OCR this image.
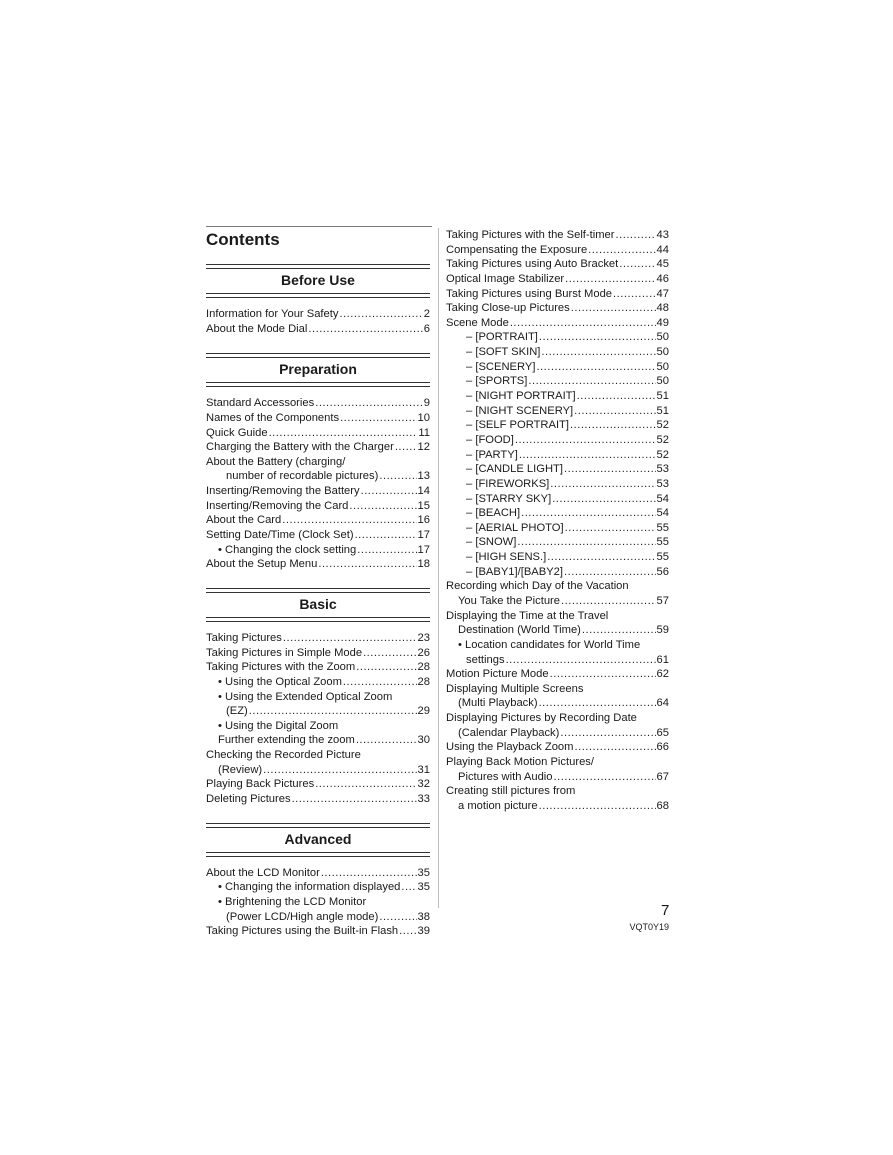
Contents
Before Use
Information for Your Safety .....	2
About the Mode Dial .....	6
Preparation
Standard Accessories .....	9
Names of the Components .....	10
Quick Guide .....	11
Charging the Battery with the Charger ..... 12
About the Battery (charging/
number of recordable pictures) .....	13
Inserting/Removing the Battery .....	14
Inserting/Removing the Card .....	15
About the Card .....	16
Setting Date/Time (Clock Set) .....	17
• Changing the clock setting .....	17
About the Setup Menu .....	18
Basic
Taking Pictures .....	23
Taking Pictures in Simple Mode .....	26
Taking Pictures with the Zoom .....	28
• Using the Optical Zoom .....	28
• Using the Extended Optical Zoom
(EZ) .....	29
• Using the Digital Zoom
Further extending the zoom .....	30
Checking the Recorded Picture
(Review) .....	31
Playing Back Pictures .....	32
Deleting Pictures .....	33
Advanced
About the LCD Monitor .....	35
• Changing the information displayed ..... 35
• Brightening the LCD Monitor
(Power LCD/High angle mode) .....	38
Taking Pictures using the Built-in Flash ..... 39
Taking Pictures with the Self-timer .....	43
Compensating the Exposure .....	44
Taking Pictures using Auto Bracket .....	45
Optical Image Stabilizer .....	46
Taking Pictures using Burst Mode .....	47
Taking Close-up Pictures .....	48
Scene Mode .....	49
– [PORTRAIT] .....	50
– [SOFT SKIN] .....	50
– [SCENERY] .....	50
– [SPORTS] .....	50
– [NIGHT PORTRAIT] .....	51
– [NIGHT SCENERY] .....	51
– [SELF PORTRAIT] .....	52
– [FOOD] .....	52
– [PARTY] .....	52
– [CANDLE LIGHT] .....	53
– [FIREWORKS] .....	53
– [STARRY SKY] .....	54
– [BEACH] .....	54
– [AERIAL PHOTO] .....	55
– [SNOW] .....	55
– [HIGH SENS.] .....	55
– [BABY1]/[BABY2] .....	56
Recording which Day of the Vacation
You Take the Picture .....	57
Displaying the Time at the Travel
Destination (World Time) .....	59
• Location candidates for World Time
settings .....	61
Motion Picture Mode .....	62
Displaying Multiple Screens
(Multi Playback) .....	64
Displaying Pictures by Recording Date
(Calendar Playback) .....	65
Using the Playback Zoom .....	66
Playing Back Motion Pictures/
Pictures with Audio .....	67
Creating still pictures from
a motion picture .....	68
7
VQT0Y19
